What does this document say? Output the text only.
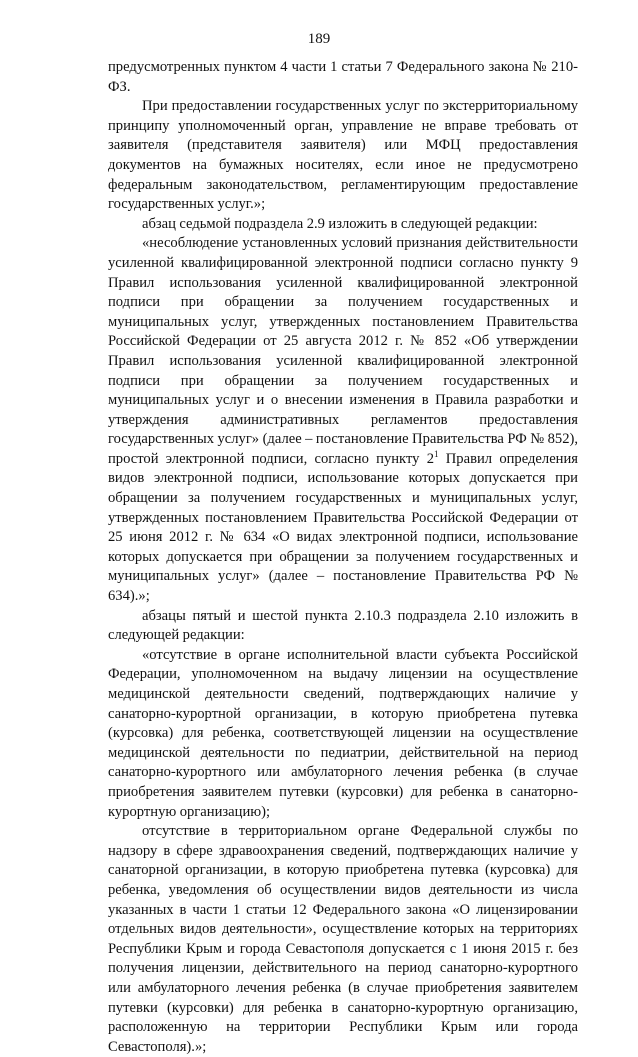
189

предусмотренных пунктом 4 части 1 статьи 7 Федерального закона № 210-ФЗ.

При предоставлении государственных услуг по экстерриториальному принципу уполномоченный орган, управление не вправе требовать от заявителя (представителя заявителя) или МФЦ предоставления документов на бумажных носителях, если иное не предусмотрено федеральным законодательством, регламентирующим предоставление государственных услуг.»;

абзац седьмой подраздела 2.9 изложить в следующей редакции:

«несоблюдение установленных условий признания действительности усиленной квалифицированной электронной подписи согласно пункту 9 Правил использования усиленной квалифицированной электронной подписи при обращении за получением государственных и муниципальных услуг, утвержденных постановлением Правительства Российской Федерации от 25 августа 2012 г. № 852 «Об утверждении Правил использования усиленной квалифицированной электронной подписи при обращении за получением государственных и муниципальных услуг и о внесении изменения в Правила разработки и утверждения административных регламентов предоставления государственных услуг» (далее – постановление Правительства РФ № 852), простой электронной подписи, согласно пункту $2^1$ Правил определения видов электронной подписи, использование которых допускается при обращении за получением государственных и муниципальных услуг, утвержденных постановлением Правительства Российской Федерации от 25 июня 2012 г. № 634 «О видах электронной подписи, использование которых допускается при обращении за получением государственных и муниципальных услуг» (далее – постановление Правительства РФ № 634).»;

абзацы пятый и шестой пункта 2.10.3 подраздела 2.10 изложить в следующей редакции:

«отсутствие в органе исполнительной власти субъекта Российской Федерации, уполномоченном на выдачу лицензии на осуществление медицинской деятельности сведений, подтверждающих наличие у санаторно-курортной организации, в которую приобретена путевка (курсовка) для ребенка, соответствующей лицензии на осуществление медицинской деятельности по педиатрии, действительной на период санаторно-курортного или амбулаторного лечения ребенка (в случае приобретения заявителем путевки (курсовки) для ребенка в санаторно-курортную организацию);

отсутствие в территориальном органе Федеральной службы по надзору в сфере здравоохранения сведений, подтверждающих наличие у санаторной организации, в которую приобретена путевка (курсовка) для ребенка, уведомления об осуществлении видов деятельности из числа указанных в части 1 статьи 12 Федерального закона «О лицензировании отдельных видов деятельности», осуществление которых на территориях Республики Крым и города Севастополя допускается с 1 июня 2015 г. без получения лицензии, действительного на период санаторно-курортного или амбулаторного лечения ребенка (в случае приобретения заявителем путевки (курсовки) для ребенка в санаторно-курортную организацию, расположенную на территории Республики Крым или города Севастополя).»;
